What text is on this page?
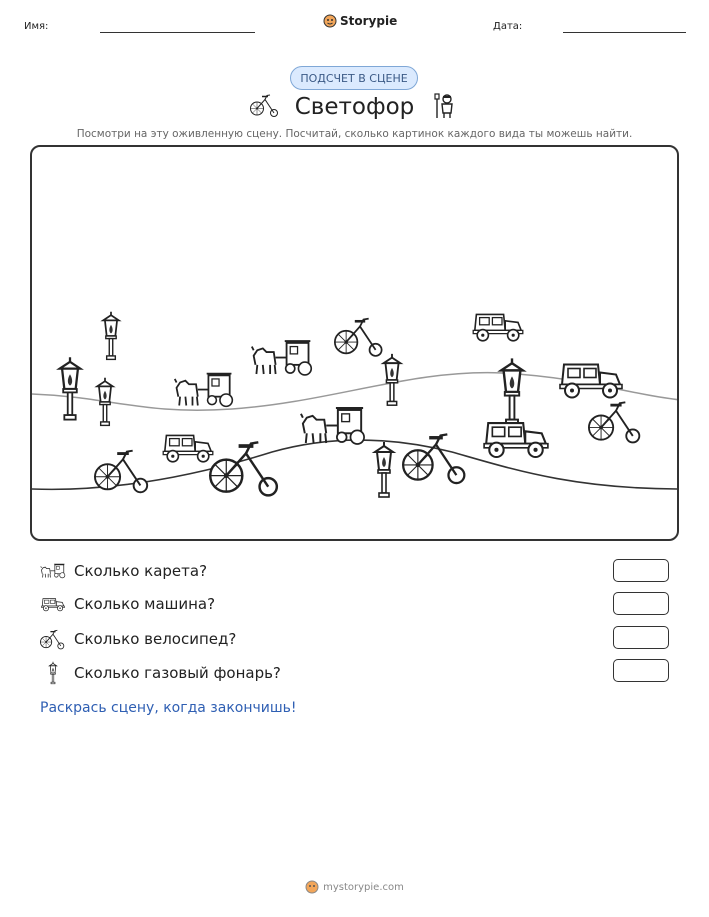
Имя:	Storypie	Дата:
ПОДСЧЕТ В СЦЕНЕ
Светофор
Посмотри на эту оживленную сцену. Посчитай, сколько картинок каждого вида ты можешь найти.
Сколько карета?
Сколько машина?
Сколько велосипед?
Сколько газовый фонарь?
Раскрась сцену, когда закончишь!
mystorypie.com
